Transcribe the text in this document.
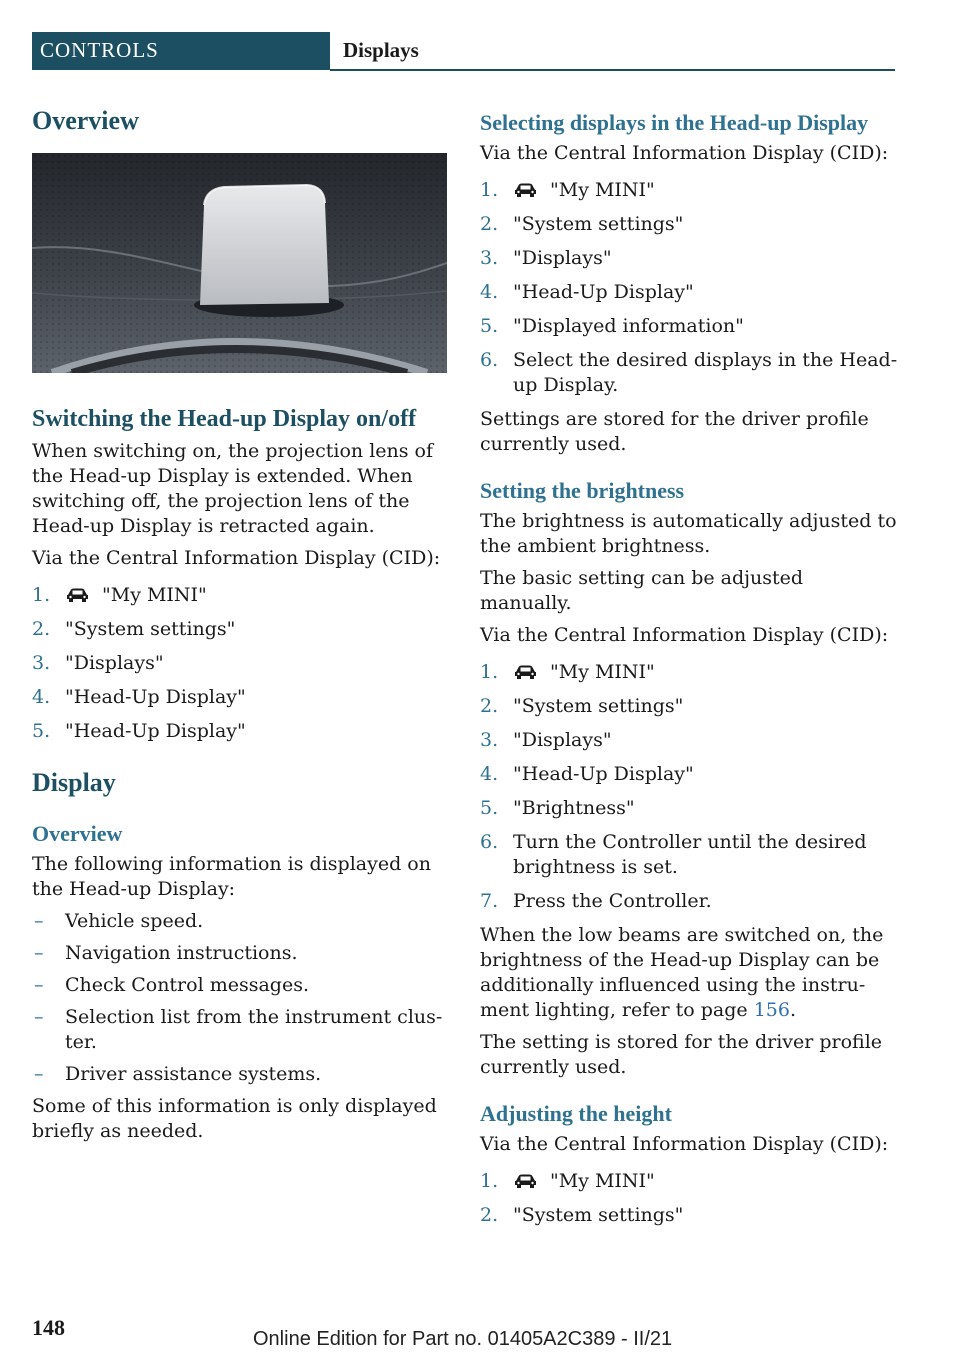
CONTROLS	Displays
Overview
Switching the Head-up Display on/off

When switching on, the projection lens of the Head-up Display is extended. When switching off, the projection lens of the Head-up Display is retracted again.

Via the Central Information Display (CID):

1.	"My MINI"
2. "System settings"
3. "Displays"
4. "Head-Up Display"
5. "Head-Up Display"
Display
Overview

The following information is displayed on the Head-up Display:

– Vehicle speed.
– Navigation instructions.
– Check Control messages.
– Selection list from the instrument cluster.
– Driver assistance systems.

Some of this information is only displayed briefly as needed.

Selecting displays in the Head-up Display

Via the Central Information Display (CID):

1.	"My MINI"
2. "System settings"
3. "Displays"
4. "Head-Up Display"
5. "Displayed information"
6. Select the desired displays in the Head-up Display.

Settings are stored for the driver profile currently used.

Setting the brightness

The brightness is automatically adjusted to the ambient brightness.

The basic setting can be adjusted manually.

Via the Central Information Display (CID):

1.	"My MINI"
2. "System settings"
3. "Displays"
4. "Head-Up Display"
5. "Brightness"
6. Turn the Controller until the desired brightness is set.
7. Press the Controller.

When the low beams are switched on, the brightness of the Head-up Display can be additionally influenced using the instrument lighting, refer to page 156.

The setting is stored for the driver profile currently used.

Adjusting the height

Via the Central Information Display (CID):

1.	"My MINI"
2. "System settings"
148	Online Edition for Part no. 01405A2C389 - II/21
